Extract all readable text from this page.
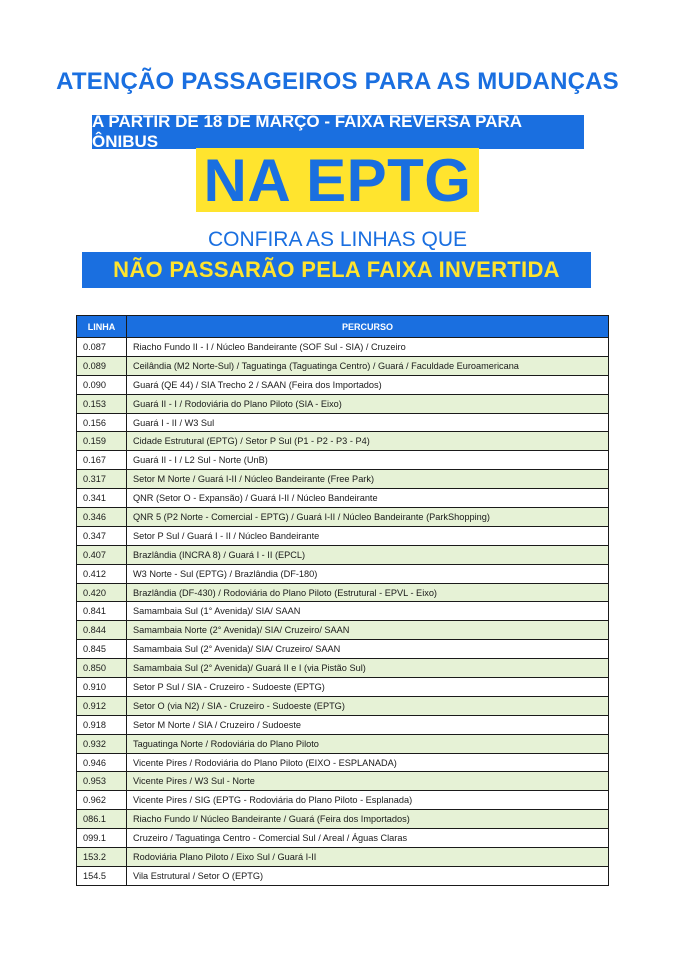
ATENÇÃO PASSAGEIROS PARA AS MUDANÇAS
A PARTIR DE 18 DE MARÇO - FAIXA REVERSA PARA ÔNIBUS
NA EPTG
CONFIRA AS LINHAS QUE
NÃO PASSARÃO PELA FAIXA INVERTIDA
LINHA	PERCURSO
0.087	Riacho Fundo II - I / Núcleo Bandeirante (SOF Sul - SIA) / Cruzeiro
0.089	Ceilândia (M2 Norte-Sul) / Taguatinga (Taguatinga Centro) / Guará / Faculdade Euroamericana
0.090	Guará (QE 44) / SIA Trecho 2 / SAAN (Feira dos Importados)
0.153	Guará II - I / Rodoviária do Plano Piloto (SIA - Eixo)
0.156	Guará I - II / W3 Sul
0.159	Cidade Estrutural (EPTG) / Setor P Sul (P1 - P2 - P3 - P4)
0.167	Guará II - I / L2 Sul - Norte (UnB)
0.317	Setor M Norte / Guará I-II / Núcleo Bandeirante (Free Park)
0.341	QNR (Setor O - Expansão) / Guará I-II / Núcleo Bandeirante
0.346	QNR 5 (P2 Norte - Comercial - EPTG) / Guará I-II / Núcleo Bandeirante (ParkShopping)
0.347	Setor P Sul / Guará I - II / Núcleo Bandeirante
0.407	Brazlândia (INCRA 8) / Guará I - II (EPCL)
0.412	W3 Norte - Sul (EPTG) / Brazlândia (DF-180)
0.420	Brazlândia (DF-430) / Rodoviária do Plano Piloto (Estrutural - EPVL - Eixo)
0.841	Samambaia Sul (1° Avenida)/ SIA/ SAAN
0.844	Samambaia Norte (2° Avenida)/ SIA/ Cruzeiro/ SAAN
0.845	Samambaia Sul (2° Avenida)/ SIA/ Cruzeiro/ SAAN
0.850	Samambaia Sul (2° Avenida)/ Guará II e I (via Pistão Sul)
0.910	Setor P Sul / SIA - Cruzeiro - Sudoeste (EPTG)
0.912	Setor O (via N2) / SIA - Cruzeiro - Sudoeste (EPTG)
0.918	Setor M Norte / SIA / Cruzeiro / Sudoeste
0.932	Taguatinga Norte / Rodoviária do Plano Piloto
0.946	Vicente Pires / Rodoviária do Plano Piloto (EIXO - ESPLANADA)
0.953	Vicente Pires / W3 Sul - Norte
0.962	Vicente Pires / SIG (EPTG - Rodoviária do Plano Piloto - Esplanada)
086.1	Riacho Fundo I/ Núcleo Bandeirante / Guará (Feira dos Importados)
099.1	Cruzeiro / Taguatinga Centro - Comercial Sul / Areal / Águas Claras
153.2	Rodoviária Plano Piloto / Eixo Sul / Guará I-II
154.5	Vila Estrutural / Setor O (EPTG)
